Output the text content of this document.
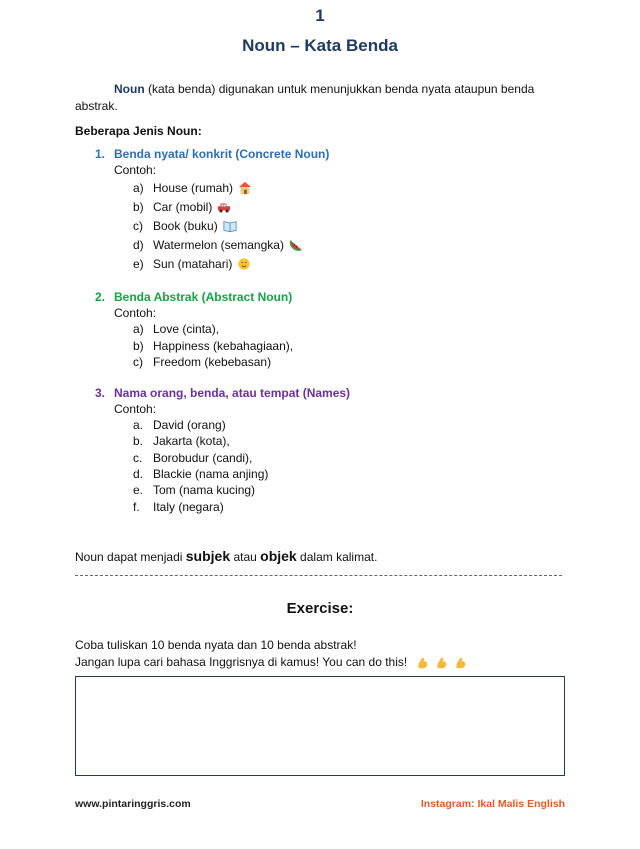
1
Noun – Kata Benda

Noun (kata benda) digunakan untuk menunjukkan benda nyata ataupun benda abstrak.

Beberapa Jenis Noun:

1. Benda nyata/ konkrit (Concrete Noun)
Contoh:
a) House (rumah)
b) Car (mobil)
c) Book (buku)
d) Watermelon (semangka)
e) Sun (matahari)
2. Benda Abstrak (Abstract Noun)
Contoh:
a) Love (cinta),
b) Happiness (kebahagiaan),
c) Freedom (kebebasan)
3. Nama orang, benda, atau tempat (Names)
Contoh:
a. David (orang)
b. Jakarta (kota),
c. Borobudur (candi),
d. Blackie (nama anjing)
e. Tom (nama kucing)
f.	Italy (negara)

Noun dapat menjadi subjek atau objek dalam kalimat.

Exercise:

Coba tuliskan 10 benda nyata dan 10 benda abstrak!
Jangan lupa cari bahasa Inggrisnya di kamus! You can do this!

www.pintaringgris.com	Instagram: Ikal Malis English
